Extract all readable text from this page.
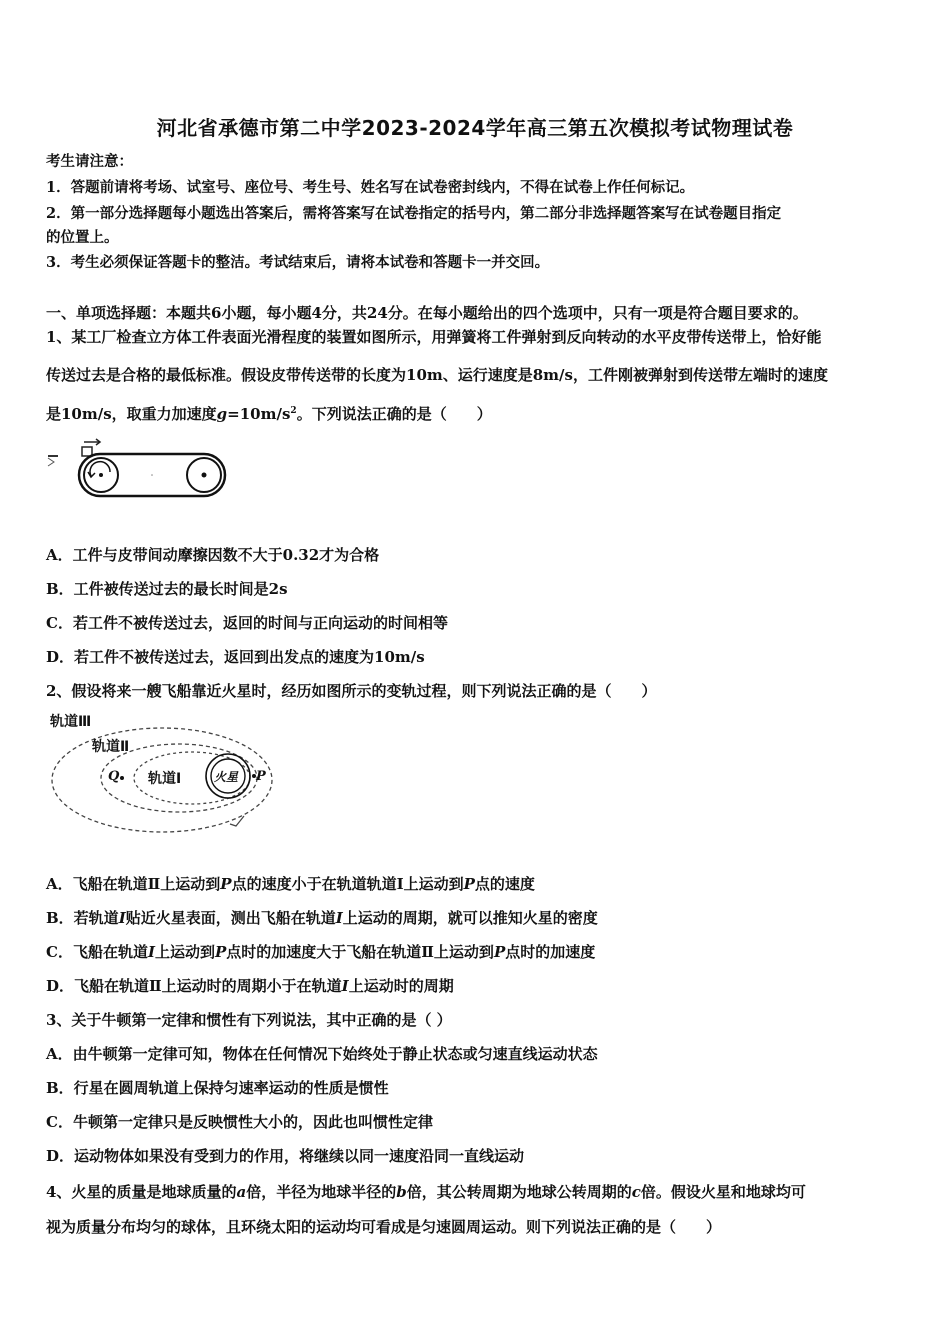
河北省承德市第二中学2023-2024学年高三第五次模拟考试物理试卷
考生请注意：
1．答题前请将考场、试室号、座位号、考生号、姓名写在试卷密封线内，不得在试卷上作任何标记。
2．第一部分选择题每小题选出答案后，需将答案写在试卷指定的括号内，第二部分非选择题答案写在试卷题目指定
的位置上。
3．考生必须保证答题卡的整洁。考试结束后，请将本试卷和答题卡一并交回。
一、单项选择题：本题共6小题，每小题4分，共24分。在每小题给出的四个选项中，只有一项是符合题目要求的。
1、某工厂检查立方体工件表面光滑程度的装置如图所示，用弹簧将工件弹射到反向转动的水平皮带传送带上，恰好能
传送过去是合格的最低标准。假设皮带传送带的长度为10m、运行速度是8m/s，工件刚被弹射到传送带左端时的速度
是10m/s，取重力加速度$g=10m/s^2$。下列说法正确的是（　　）
A．工件与皮带间动摩擦因数不大于0.32才为合格
B．工件被传送过去的最长时间是2s
C．若工件不被传送过去，返回的时间与正向运动的时间相等
D．若工件不被传送过去，返回到出发点的速度为10m/s
2、假设将来一艘飞船靠近火星时，经历如图所示的变轨过程，则下列说法正确的是（　　）
轨道Ⅲ
轨道Ⅱ
轨道Ⅰ	火星
Q	P
A．飞船在轨道Ⅱ上运动到P点的速度小于在轨道轨道Ⅰ上运动到P点的速度
B．若轨道I贴近火星表面，测出飞船在轨道I上运动的周期，就可以推知火星的密度
C．飞船在轨道I上运动到P点时的加速度大于飞船在轨道Ⅱ上运动到P点时的加速度
D．飞船在轨道Ⅱ上运动时的周期小于在轨道I上运动时的周期
3、关于牛顿第一定律和惯性有下列说法，其中正确的是（ ）
A．由牛顿第一定律可知，物体在任何情况下始终处于静止状态或匀速直线运动状态
B．行星在圆周轨道上保持匀速率运动的性质是惯性
C．牛顿第一定律只是反映惯性大小的，因此也叫惯性定律
D．运动物体如果没有受到力的作用，将继续以同一速度沿同一直线运动
4、火星的质量是地球质量的a倍，半径为地球半径的b倍，其公转周期为地球公转周期的c倍。假设火星和地球均可
视为质量分布均匀的球体，且环绕太阳的运动均可看成是匀速圆周运动。则下列说法正确的是（　　）
